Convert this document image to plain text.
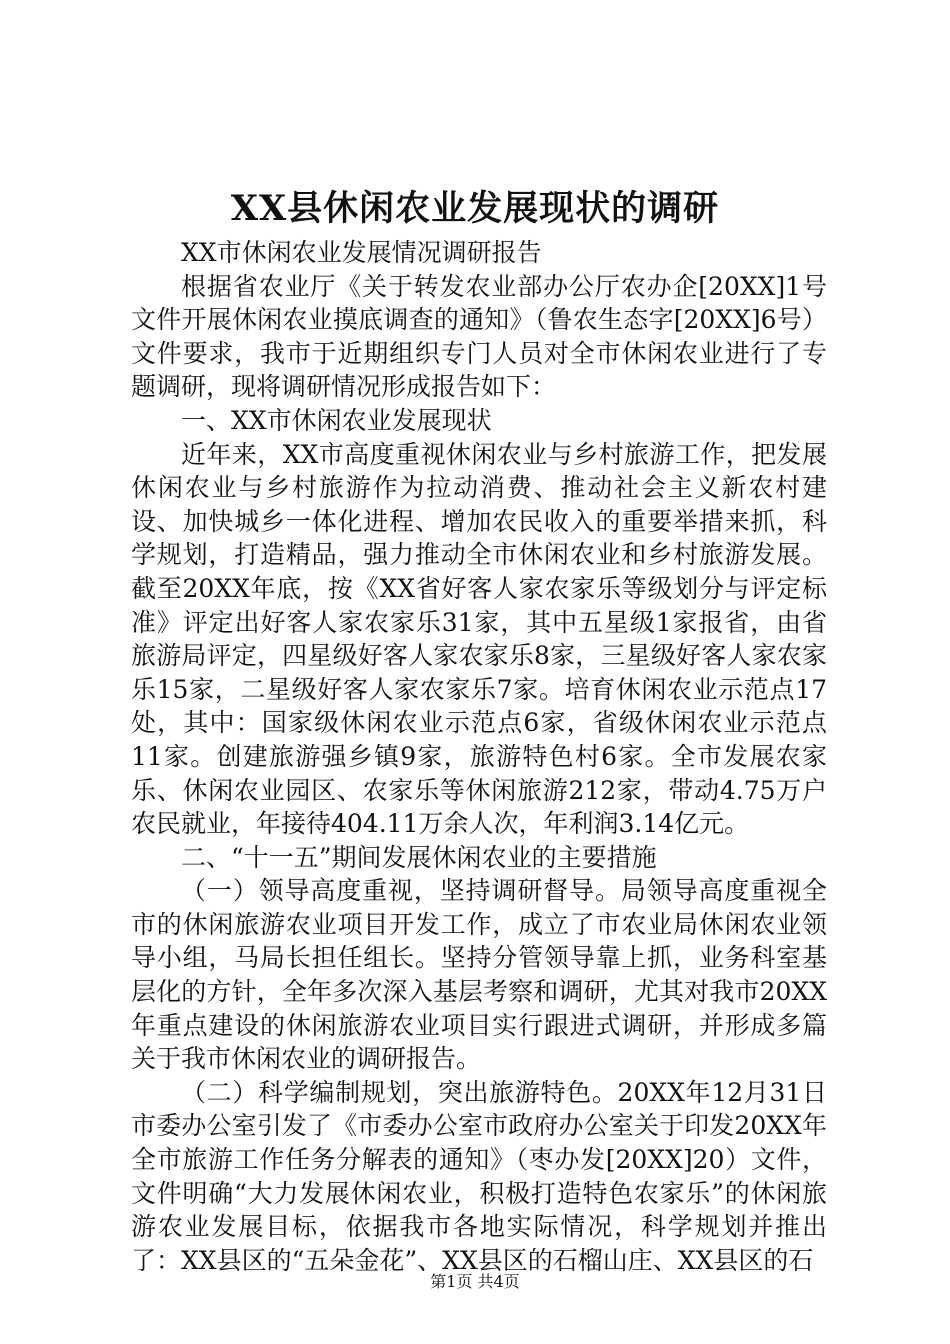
XX县休闲农业发展现状的调研

XX市休闲农业发展情况调研报告

根据省农业厅《关于转发农业部办公厅农办企[20XX]1号文件开展休闲农业摸底调查的通知》（鲁农生态字[20XX]6号）文件要求，我市于近期组织专门人员对全市休闲农业进行了专题调研，现将调研情况形成报告如下：

一、XX市休闲农业发展现状

近年来，XX市高度重视休闲农业与乡村旅游工作，把发展休闲农业与乡村旅游作为拉动消费、推动社会主义新农村建设、加快城乡一体化进程、增加农民收入的重要举措来抓，科学规划，打造精品，强力推动全市休闲农业和乡村旅游发展。截至20XX年底，按《XX省好客人家农家乐等级划分与评定标准》评定出好客人家农家乐31家，其中五星级1家报省，由省旅游局评定，四星级好客人家农家乐8家，三星级好客人家农家乐15家，二星级好客人家农家乐7家。培育休闲农业示范点17处，其中：国家级休闲农业示范点6家，省级休闲农业示范点11家。创建旅游强乡镇9家，旅游特色村6家。全市发展农家乐、休闲农业园区、农家乐等休闲旅游212家，带动4.75万户农民就业，年接待404.11万余人次，年利润3.14亿元。

二、“十一五”期间发展休闲农业的主要措施

（一）领导高度重视，坚持调研督导。局领导高度重视全市的休闲旅游农业项目开发工作，成立了市农业局休闲农业领导小组，马局长担任组长。坚持分管领导靠上抓，业务科室基层化的方针，全年多次深入基层考察和调研，尤其对我市20XX年重点建设的休闲旅游农业项目实行跟进式调研，并形成多篇关于我市休闲农业的调研报告。

（二）科学编制规划，突出旅游特色。20XX年12月31日市委办公室引发了《市委办公室市政府办公室关于印发20XX年全市旅游工作任务分解表的通知》（枣办发[20XX]20）文件，文件明确“大力发展休闲农业，积极打造特色农家乐”的休闲旅游农业发展目标，依据我市各地实际情况，科学规划并推出了：XX县区的“五朵金花”、XX县区的石榴山庄、XX县区的石

第1页 共4页
